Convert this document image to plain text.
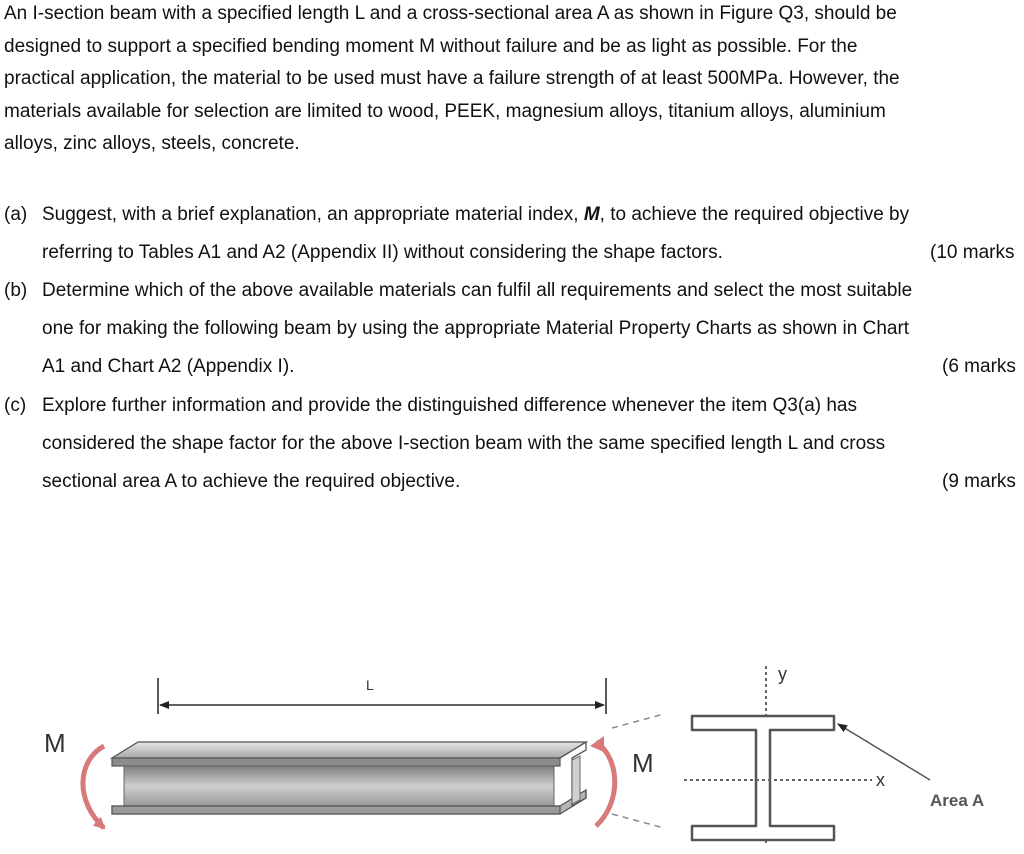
An I-section beam with a specified length L and a cross-sectional area A as shown in Figure Q3, should be
designed to support a specified bending moment M without failure and be as light as possible. For the
practical application, the material to be used must have a failure strength of at least 500MPa. However, the
materials available for selection are limited to wood, PEEK, magnesium alloys, titanium alloys, aluminium
alloys, zinc alloys, steels, concrete.
(a) Suggest, with a brief explanation, an appropriate material index, M, to achieve the required objective by
referring to Tables A1 and A2 (Appendix II) without considering the shape factors.	(10 marks
(b) Determine which of the above available materials can fulfil all requirements and select the most suitable
one for making the following beam by using the appropriate Material Property Charts as shown in Chart
A1 and Chart A2 (Appendix I).	(6 marks
(c) Explore further information and provide the distinguished difference whenever the item Q3(a) has
considered the shape factor for the above I-section beam with the same specified length L and cross
sectional area A to achieve the required objective.	(9 marks
L
M
M
y
x
Area A
